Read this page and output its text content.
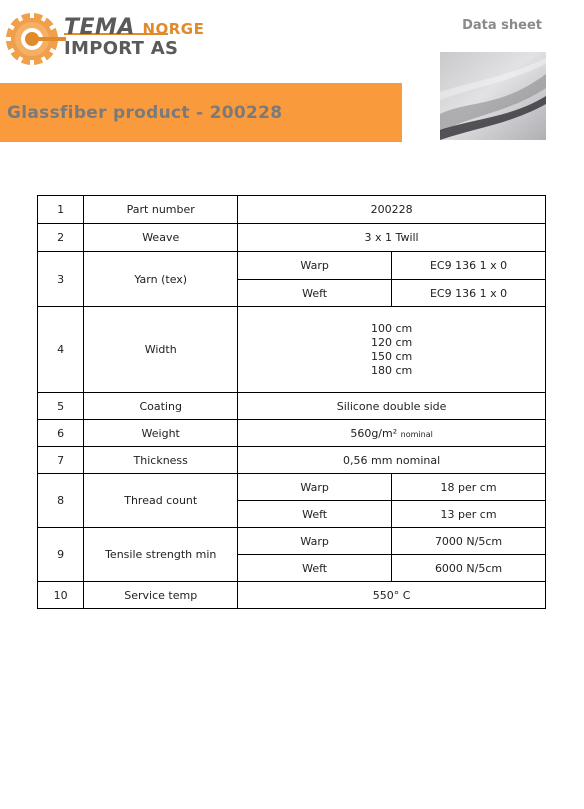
TEMA NORGE
IMPORT AS
Data sheet
Glassfiber product - 200228
1	Part number	200228	
2	Weave	3 x 1 Twill	
3	Yarn (tex)	Warp	EC9 136 1 x 0
		Weft	EC9 136 1 x 0
4	Width	100 cm
120 cm
150 cm
180 cm	

5	Coating	Silicone double side	
6	Weight	560g/m² nominal	
7	Thickness	0,56 mm nominal	
8	Thread count	Warp	18 per cm
		Weft	13 per cm
9	Tensile strength min	Warp	7000 N/5cm
		Weft	6000 N/5cm
10	Service temp	550° C	
